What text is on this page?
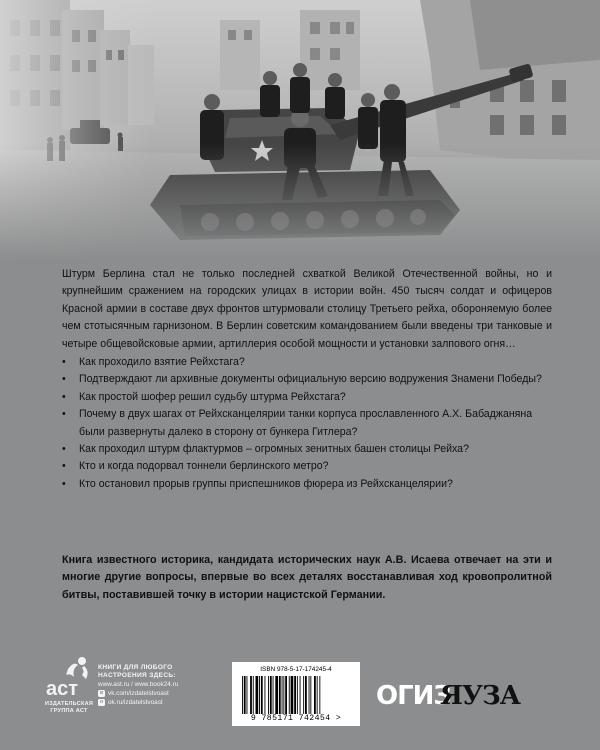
Штурм Берлина стал не только последней схваткой Великой Отечественной войны, но и крупнейшим сражением на городских улицах в истории войн. 450 тысяч солдат и офицеров Красной армии в составе двух фронтов штурмовали столицу Третьего рейха, обороняемую более чем стотысячным гарнизоном. В Берлин советским командованием были введены три танковые и четыре общевойсковые армии, артиллерия особой мощности и установки залпового огня…

• Как проходило взятие Рейхстага?
• Подтверждают ли архивные документы официальную версию водружения Знамени Победы?
• Как простой шофер решил судьбу штурма Рейхстага?
• Почему в двух шагах от Рейхсканцелярии танки корпуса прославленного А.Х. Бабаджаняна были развернуты далеко в сторону от бункера Гитлера?
• Как проходил штурм флактурмов – огромных зенитных башен столицы Рейха?
• Кто и когда подорвал тоннели берлинского метро?
• Кто остановил прорыв группы приспешников фюрера из Рейхсканцелярии?

Книга известного историка, кандидата исторических наук А.В. Исаева отвечает на эти и многие другие вопросы, впервые во всех деталях восстанавливая ход кровопролитной битвы, поставившей точку в истории нацистской Германии.

аст
ИЗДАТЕЛЬСКАЯ ГРУППА АСТ
КНИГИ ДЛЯ ЛЮБОГО НАСТРОЕНИЯ ЗДЕСЬ:
www.ast.ru / www.book24.ru
в vk.com/izdatelstvoast
о ok.ru/izdatelstvoast
ISBN 978-5-17-174245-4
9 785171 742454 >
ОГИЗ
ЯУЗА
